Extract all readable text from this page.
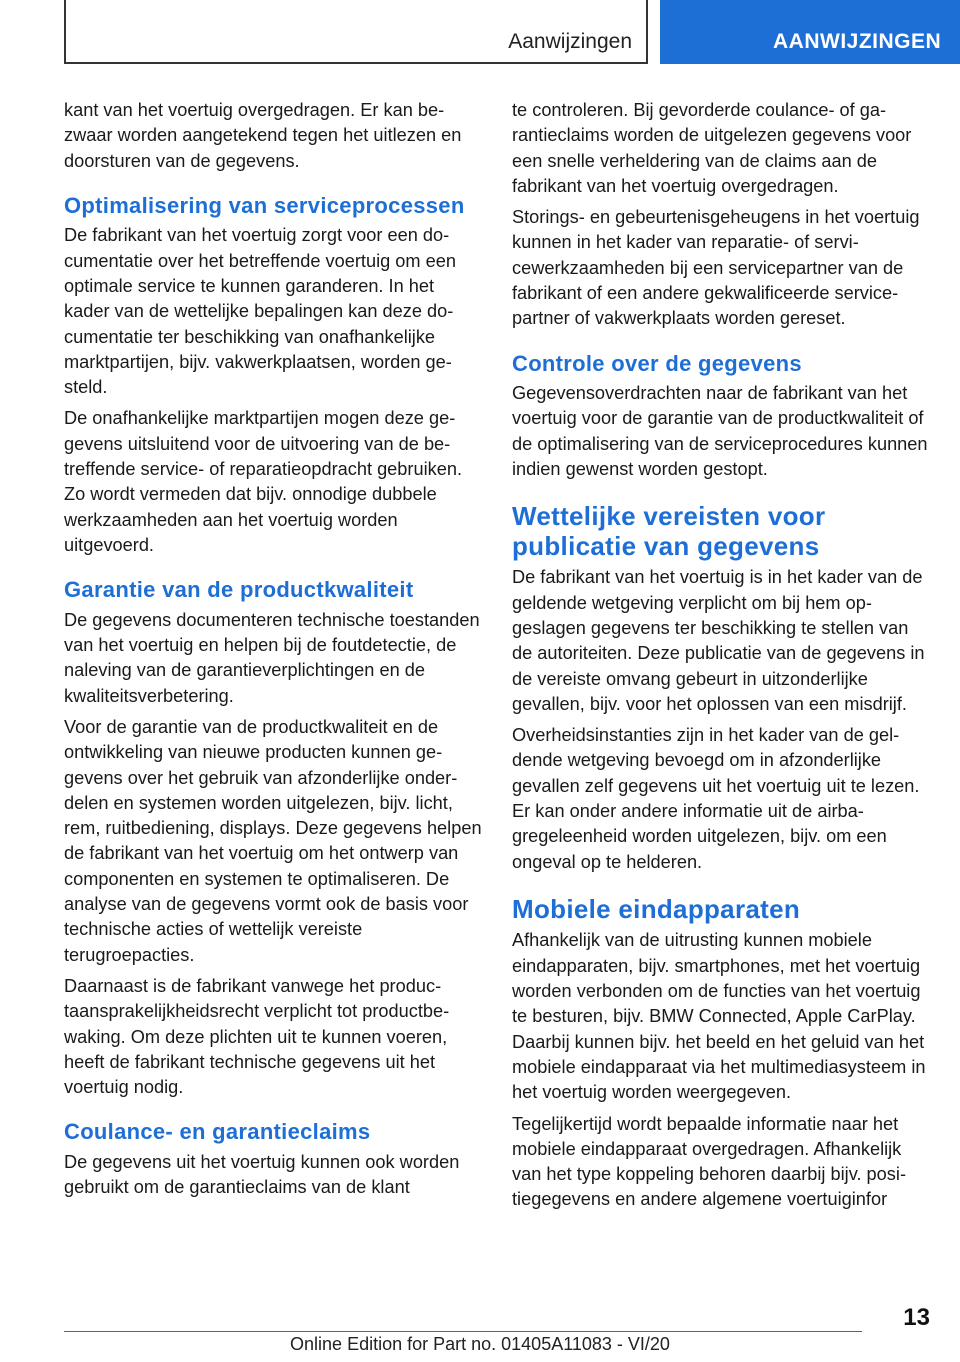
Aanwijzingen	AANWIJZINGEN

kant van het voertuig overgedragen. Er kan bezwaar worden aangetekend tegen het uitlezen en doorsturen van de gegevens.

Optimalisering van serviceprocessen

De fabrikant van het voertuig zorgt voor een documentatie over het betreffende voertuig om een optimale service te kunnen garanderen. In het kader van de wettelijke bepalingen kan deze documentatie ter beschikking van onafhankelijke marktpartijen, bijv. vakwerkplaatsen, worden gesteld.

De onafhankelijke marktpartijen mogen deze gegevens uitsluitend voor de uitvoering van de betreffende service- of reparatieopdracht gebruiken. Zo wordt vermeden dat bijv. onnodige dubbele werkzaamheden aan het voertuig worden uitgevoerd.

Garantie van de productkwaliteit

De gegevens documenteren technische toestanden van het voertuig en helpen bij de foutdetectie, de naleving van de garantieverplichtingen en de kwaliteitsverbetering.

Voor de garantie van de productkwaliteit en de ontwikkeling van nieuwe producten kunnen gegevens over het gebruik van afzonderlijke onderdelen en systemen worden uitgelezen, bijv. licht, rem, ruitbediening, displays. Deze gegevens helpen de fabrikant van het voertuig om het ontwerp van componenten en systemen te optimaliseren. De analyse van de gegevens vormt ook de basis voor technische acties of wettelijk vereiste terugroepacties.

Daarnaast is de fabrikant vanwege het productaansprakelijkheidsrecht verplicht tot productbewaking. Om deze plichten uit te kunnen voeren, heeft de fabrikant technische gegevens uit het voertuig nodig.

Coulance- en garantieclaims

De gegevens uit het voertuig kunnen ook worden gebruikt om de garantieclaims van de klant

te controleren. Bij gevorderde coulance- of garantieclaims worden de uitgelezen gegevens voor een snelle verheldering van de claims aan de fabrikant van het voertuig overgedragen.

Storings- en gebeurtenisgeheugens in het voertuig kunnen in het kader van reparatie- of servicewerkzaamheden bij een servicepartner van de fabrikant of een andere gekwalificeerde servicepartner of vakwerkplaats worden gereset.

Controle over de gegevens

Gegevensoverdrachten naar de fabrikant van het voertuig voor de garantie van de productkwaliteit of de optimalisering van de serviceprocedures kunnen indien gewenst worden gestopt.

Wettelijke vereisten voor publicatie van gegevens

De fabrikant van het voertuig is in het kader van de geldende wetgeving verplicht om bij hem opgeslagen gegevens ter beschikking te stellen van de autoriteiten. Deze publicatie van de gegevens in de vereiste omvang gebeurt in uitzonderlijke gevallen, bijv. voor het oplossen van een misdrijf.

Overheidsinstanties zijn in het kader van de geldende wetgeving bevoegd om in afzonderlijke gevallen zelf gegevens uit het voertuig uit te lezen. Er kan onder andere informatie uit de airbagregeleenheid worden uitgelezen, bijv. om een ongeval op te helderen.

Mobiele eindapparaten

Afhankelijk van de uitrusting kunnen mobiele eindapparaten, bijv. smartphones, met het voertuig worden verbonden om de functies van het voertuig te besturen, bijv. BMW Connected, Apple CarPlay. Daarbij kunnen bijv. het beeld en het geluid van het mobiele eindapparaat via het multimediasysteem in het voertuig worden weergegeven.

Tegelijkertijd wordt bepaalde informatie naar het mobiele eindapparaat overgedragen. Afhankelijk van het type koppeling behoren daarbij bijv. positiegegevens en andere algemene voertuiginfor

13
Online Edition for Part no. 01405A11083 - VI/20
